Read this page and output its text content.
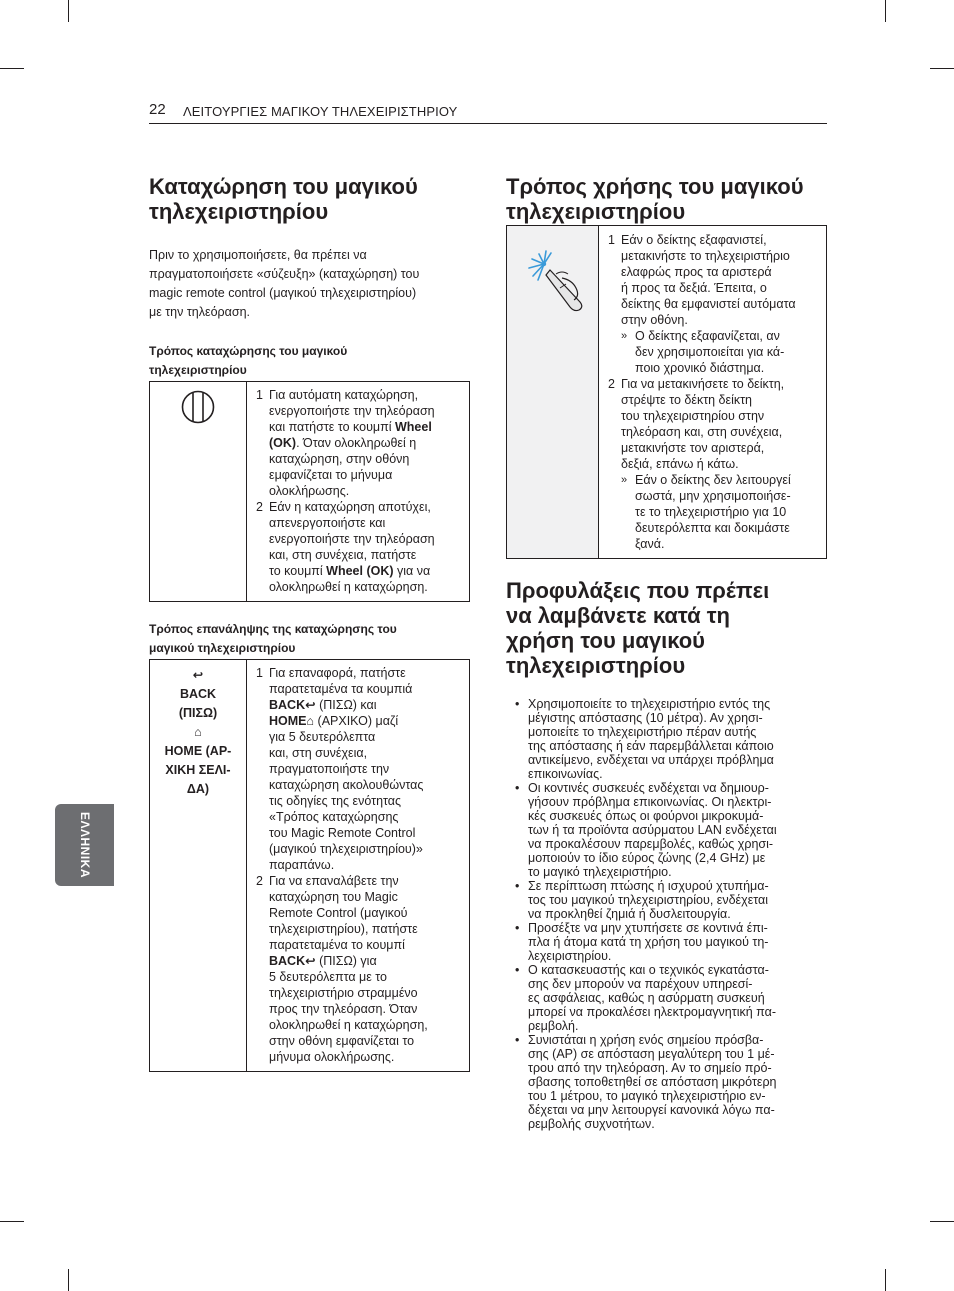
22 ΛΕΙΤΟΥΡΓΙΕΣ ΜΑΓΙΚΟΥ ΤΗΛΕΧΕΙΡΙΣΤΗΡΙΟΥ
ΕΛΛΗΝΙΚΑ
Καταχώρηση του μαγικού
τηλεχειριστηρίου

Πριν το χρησιμοποιήσετε, θα πρέπει να
πραγματοποιήσετε «σύζευξη» (καταχώρηση) του
magic remote control (μαγικού τηλεχειριστηρίου)
με την τηλεόραση.

Τρόπος καταχώρησης του μαγικού
τηλεχειριστηρίου

1 Για αυτόματη καταχώρηση,
ενεργοποιήστε την τηλεόραση
και πατήστε το κουμπί Wheel
(OK). Όταν ολοκληρωθεί η
καταχώρηση, στην οθόνη
εμφανίζεται το μήνυμα
ολοκλήρωσης.
2 Εάν η καταχώρηση αποτύχει,
απενεργοποιήστε και
ενεργοποιήστε την τηλεόραση
και, στη συνέχεια, πατήστε
το κουμπί Wheel (OK) για να
ολοκληρωθεί η καταχώρηση.

Τρόπος επανάληψης της καταχώρησης του
μαγικού τηλεχειριστηρίου

↩
BACK
(ΠΙΣΩ)
⌂
HOME (ΑΡ-
ΧΙΚΗ ΣΕΛΙ-
ΔΑ)

1 Για επαναφορά, πατήστε
παρατεταμένα τα κουμπιά
BACK↩ (ΠΙΣΩ) και
HOME⌂ (ΑΡΧΙΚΟ) μαζί
για 5 δευτερόλεπτα
και, στη συνέχεια,
πραγματοποιήστε την
καταχώρηση ακολουθώντας
τις οδηγίες της ενότητας
«Τρόπος καταχώρησης
του Magic Remote Control
(μαγικού τηλεχειριστηρίου)»
παραπάνω.
2 Για να επαναλάβετε την
καταχώρηση του Magic
Remote Control (μαγικού
τηλεχειριστηρίου), πατήστε
παρατεταμένα το κουμπί
BACK↩ (ΠΙΣΩ) για
5 δευτερόλεπτα με το
τηλεχειριστήριο στραμμένο
προς την τηλεόραση. Όταν
ολοκληρωθεί η καταχώρηση,
στην οθόνη εμφανίζεται το
μήνυμα ολοκλήρωσης.
Τρόπος χρήσης του μαγικού
τηλεχειριστηρίου

1 Εάν ο δείκτης εξαφανιστεί,
μετακινήστε το τηλεχειριστήριο
ελαφρώς προς τα αριστερά
ή προς τα δεξιά. Έπειτα, ο
δείκτης θα εμφανιστεί αυτόματα
στην οθόνη.
» Ο δείκτης εξαφανίζεται, αν
δεν χρησιμοποιείται για κά-
ποιο χρονικό διάστημα.
2 Για να μετακινήσετε το δείκτη,
στρέψτε το δέκτη δείκτη
του τηλεχειριστηρίου στην
τηλεόραση και, στη συνέχεια,
μετακινήστε τον αριστερά,
δεξιά, επάνω ή κάτω.
» Εάν ο δείκτης δεν λειτουργεί
σωστά, μην χρησιμοποιήσε-
τε το τηλεχειριστήριο για 10
δευτερόλεπτα και δοκιμάστε
ξανά.
Προφυλάξεις που πρέπει
να λαμβάνετε κατά τη
χρήση του μαγικού
τηλεχειριστηρίου
• Χρησιμοποιείτε το τηλεχειριστήριο εντός της
μέγιστης απόστασης (10 μέτρα). Αν χρησι-
μοποιείτε το τηλεχειριστήριο πέραν αυτής
της απόστασης ή εάν παρεμβάλλεται κάποιο
αντικείμενο, ενδέχεται να υπάρχει πρόβλημα
επικοινωνίας.
• Οι κοντινές συσκευές ενδέχεται να δημιουρ-
γήσουν πρόβλημα επικοινωνίας. Οι ηλεκτρι-
κές συσκευές όπως οι φούρνοι μικροκυμά-
των ή τα προϊόντα ασύρματου LAN ενδέχεται
να προκαλέσουν παρεμβολές, καθώς χρησι-
μοποιούν το ίδιο εύρος ζώνης (2,4 GHz) με
το μαγικό τηλεχειριστήριο.
• Σε περίπτωση πτώσης ή ισχυρού χτυπήμα-
τος του μαγικού τηλεχειριστηρίου, ενδέχεται
να προκληθεί ζημιά ή δυσλειτουργία.
• Προσέξτε να μην χτυπήσετε σε κοντινά έπι-
πλα ή άτομα κατά τη χρήση του μαγικού τη-
λεχειριστηρίου.
• Ο κατασκευαστής και ο τεχνικός εγκατάστα-
σης δεν μπορούν να παρέχουν υπηρεσί-
ες ασφάλειας, καθώς η ασύρματη συσκευή
μπορεί να προκαλέσει ηλεκτρομαγνητική πα-
ρεμβολή.
• Συνιστάται η χρήση ενός σημείου πρόσβα-
σης (AP) σε απόσταση μεγαλύτερη του 1 μέ-
τρου από την τηλεόραση. Αν το σημείο πρό-
σβασης τοποθετηθεί σε απόσταση μικρότερη
του 1 μέτρου, το μαγικό τηλεχειριστήριο εν-
δέχεται να μην λειτουργεί κανονικά λόγω πα-
ρεμβολής συχνοτήτων.
